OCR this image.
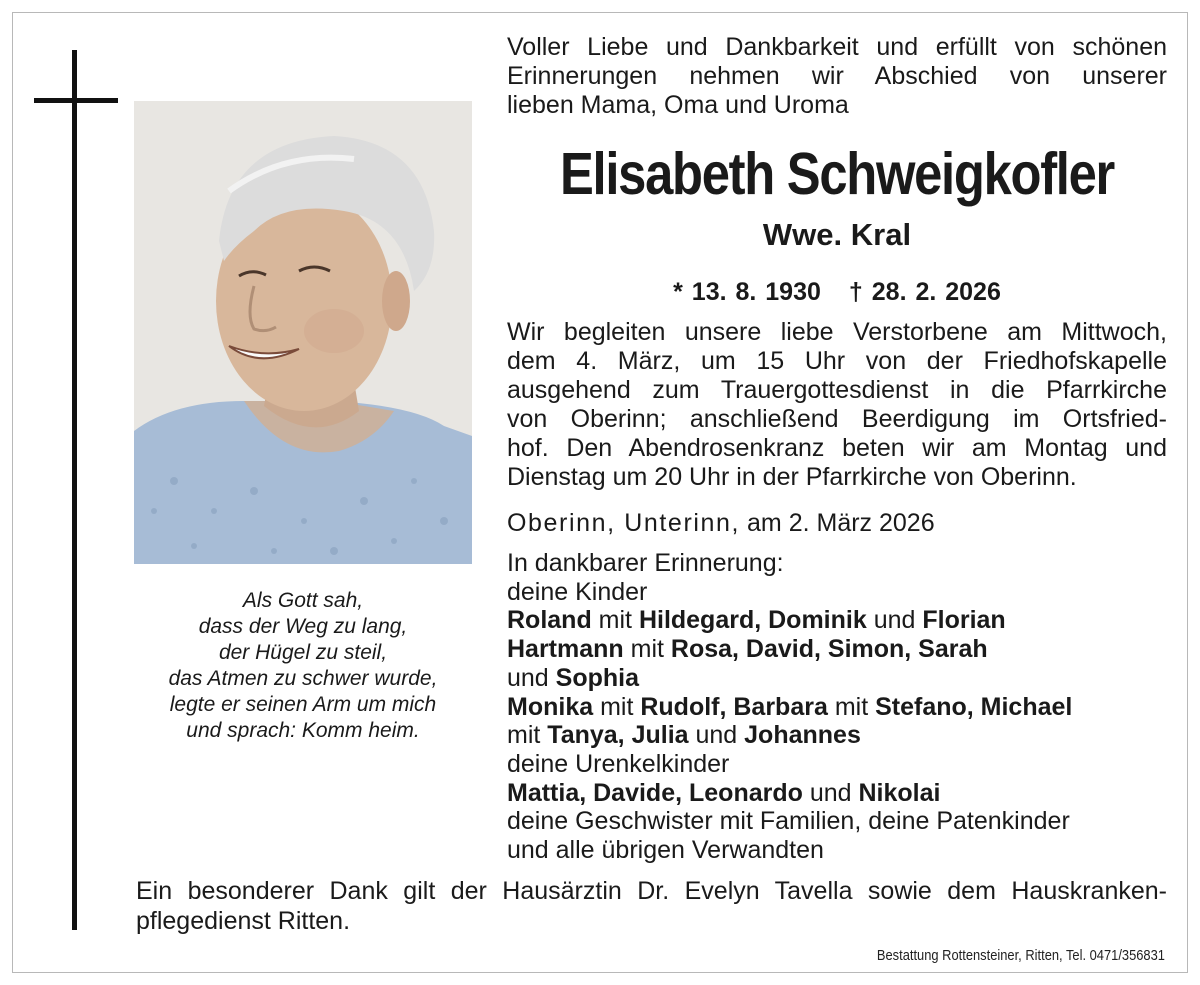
Als Gott sah,
dass der Weg zu lang,
der Hügel zu steil,
das Atmen zu schwer wurde,
legte er seinen Arm um mich
und sprach: Komm heim.
Voller Liebe und Dankbarkeit und erfüllt von schönen
Erinnerungen nehmen wir Abschied von unserer
lieben Mama, Oma und Uroma
Elisabeth Schweigkofler
Wwe. Kral
* 13. 8. 1930 † 28. 2. 2026
Wir begleiten unsere liebe Verstorbene am Mittwoch,
dem 4. März, um 15 Uhr von der Friedhofskapelle
ausgehend zum Trauergottesdienst in die Pfarrkirche
von Oberinn; anschließend Beerdigung im Ortsfried-
hof. Den Abendrosenkranz beten wir am Montag und
Dienstag um 20 Uhr in der Pfarrkirche von Oberinn.
Oberinn, Unterinn, am 2. März 2026
In dankbarer Erinnerung:
deine Kinder
Roland mit Hildegard, Dominik und Florian
Hartmann mit Rosa, David, Simon, Sarah
und Sophia
Monika mit Rudolf, Barbara mit Stefano, Michael
mit Tanya, Julia und Johannes
deine Urenkelkinder
Mattia, Davide, Leonardo und Nikolai
deine Geschwister mit Familien, deine Patenkinder
und alle übrigen Verwandten
Ein besonderer Dank gilt der Hausärztin Dr. Evelyn Tavella sowie dem Hauskranken-
pflegedienst Ritten.
Bestattung Rottensteiner, Ritten, Tel. 0471/356831
